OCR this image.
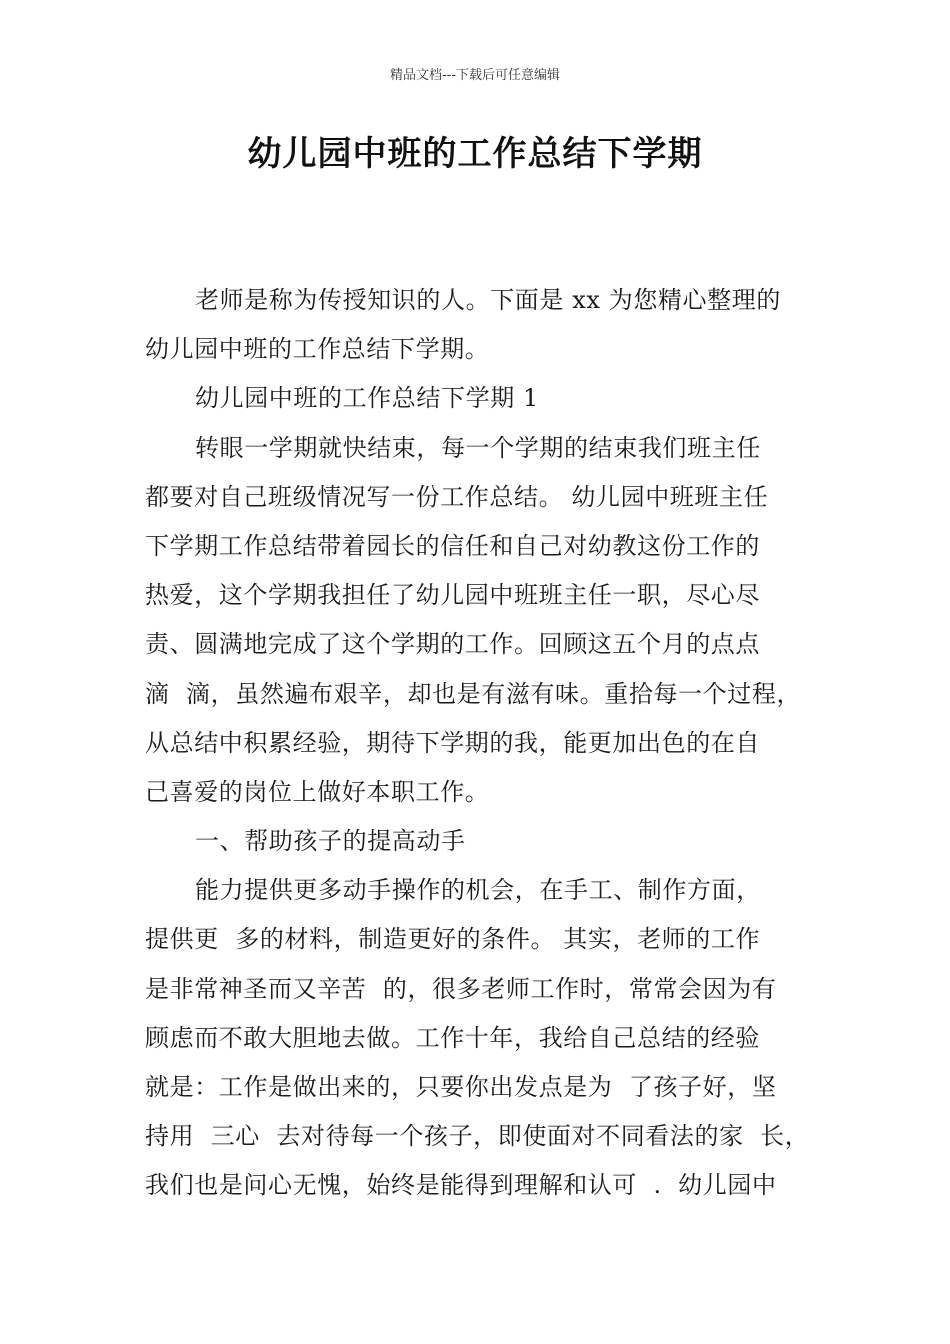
精品文档---下载后可任意编辑
幼儿园中班的工作总结下学期
老师是称为传授知识的人。下面是 xx 为您精心整理的
幼儿园中班的工作总结下学期。
幼儿园中班的工作总结下学期 1
转眼一学期就快结束，每一个学期的结束我们班主任
都要对自己班级情况写一份工作总结。 幼儿园中班班主任
下学期工作总结带着园长的信任和自己对幼教这份工作的
热爱，这个学期我担任了幼儿园中班班主任一职，尽心尽
责、圆满地完成了这个学期的工作。回顾这五个月的点点
滴  滴，虽然遍布艰辛，却也是有滋有味。重拾每一个过程，
从总结中积累经验，期待下学期的我，能更加出色的在自
己喜爱的岗位上做好本职工作。
一、帮助孩子的提高动手
能力提供更多动手操作的机会，在手工、制作方面，
提供更  多的材料，制造更好的条件。 其实，老师的工作
是非常神圣而又辛苦  的，很多老师工作时，常常会因为有
顾虑而不敢大胆地去做。工作十年，我给自己总结的经验
就是：工作是做出来的，只要你出发点是为  了孩子好，坚
持用  三心  去对待每一个孩子，即使面对不同看法的家  长，
我们也是问心无愧，始终是能得到理解和认可  .  幼儿园中
